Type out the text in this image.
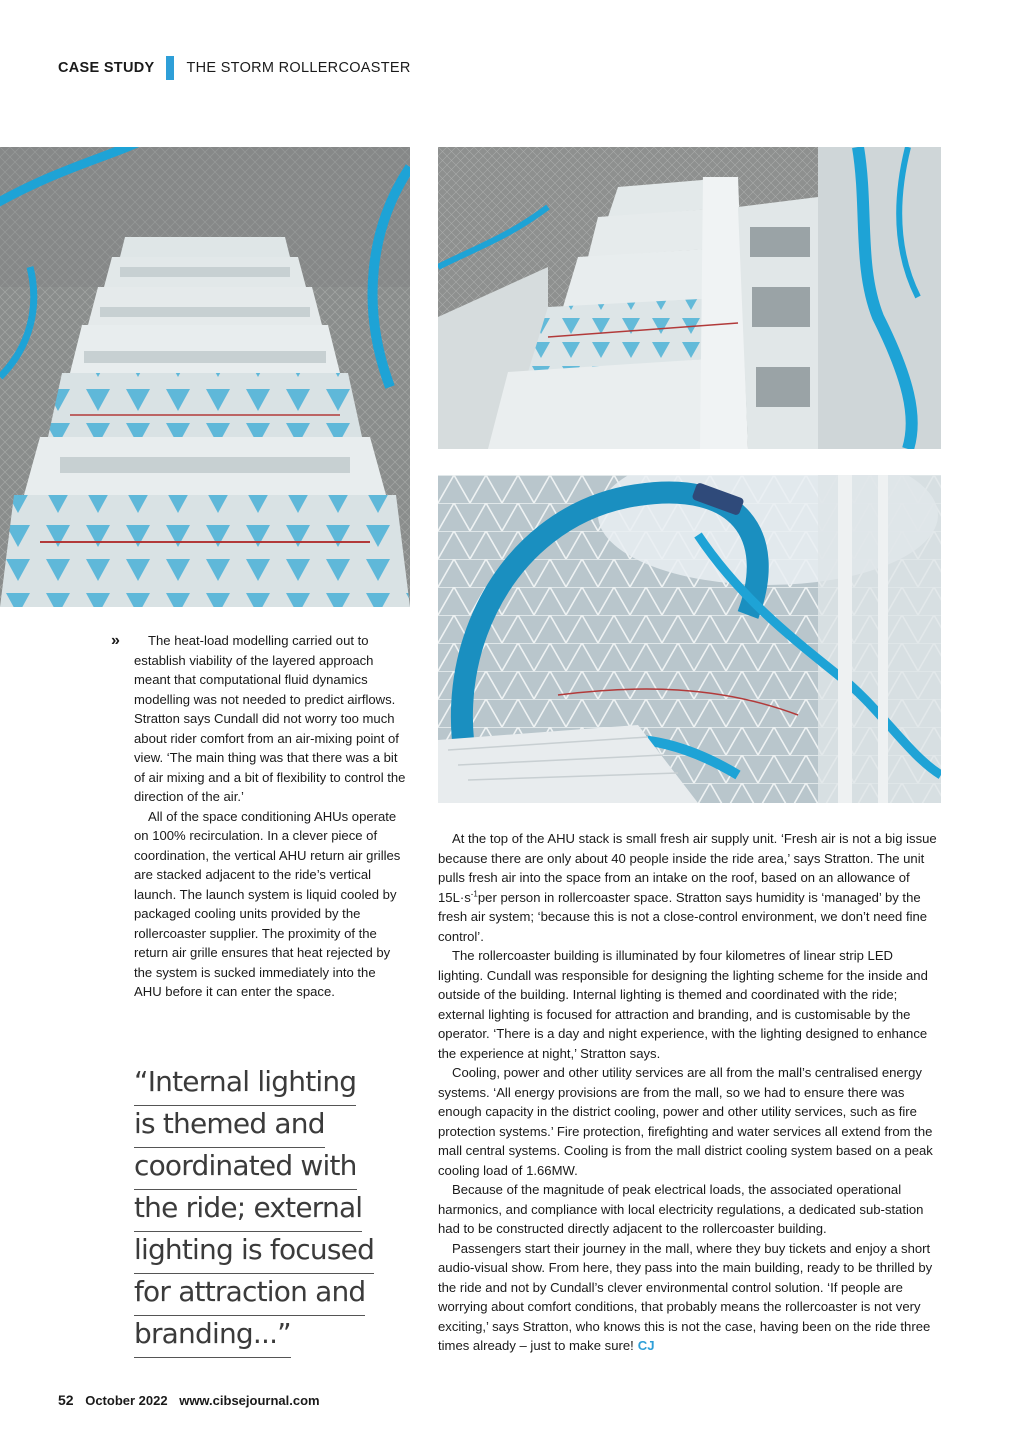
CASE STUDY THE STORM ROLLERCOASTER
»	The heat-load modelling carried out to establish viability of the layered approach meant that computational fluid dynamics modelling was not needed to predict airflows. Stratton says Cundall did not worry too much about rider comfort from an air-mixing point of view. ‘The main thing was that there was a bit of air mixing and a bit of flexibility to control the direction of the air.’

All of the space conditioning AHUs operate on 100% recirculation. In a clever piece of coordination, the vertical AHU return air grilles are stacked adjacent to the ride’s vertical launch. The launch system is liquid cooled by packaged cooling units provided by the rollercoaster supplier. The proximity of the return air grille ensures that heat rejected by the system is sucked immediately into the AHU before it can enter the space.

“Internal lighting
is themed and
coordinated with
the ride; external
lighting is focused
for attraction and
branding...”

At the top of the AHU stack is small fresh air supply unit. ‘Fresh air is not a big issue because there are only about 40 people inside the ride area,’ says Stratton. The unit pulls fresh air into the space from an intake on the roof, based on an allowance of $15L\cdot s^{-1}per$ person in rollercoaster space. Stratton says humidity is ‘managed’ by the fresh air system; ‘because this is not a close-control environment, we don’t need fine control’.

The rollercoaster building is illuminated by four kilometres of linear strip LED lighting. Cundall was responsible for designing the lighting scheme for the inside and outside of the building. Internal lighting is themed and coordinated with the ride; external lighting is focused for attraction and branding, and is customisable by the operator. ‘There is a day and night experience, with the lighting designed to enhance the experience at night,’ Stratton says.

Cooling, power and other utility services are all from the mall’s centralised energy systems. ‘All energy provisions are from the mall, so we had to ensure there was enough capacity in the district cooling, power and other utility services, such as fire protection systems.’ Fire protection, firefighting and water services all extend from the mall central systems. Cooling is from the mall district cooling system based on a peak cooling load of 1.66MW.

Because of the magnitude of peak electrical loads, the associated operational harmonics, and compliance with local electricity regulations, a dedicated sub-station had to be constructed directly adjacent to the rollercoaster building.

Passengers start their journey in the mall, where they buy tickets and enjoy a short audio-visual show. From here, they pass into the main building, ready to be thrilled by the ride and not by Cundall’s clever environmental control solution. ‘If people are worrying about comfort conditions, that probably means the rollercoaster is not very exciting,’ says Stratton, who knows this is not the case, having been on the ride three times already – just to make sure! CJ

52 October 2022 www.cibsejournal.com
